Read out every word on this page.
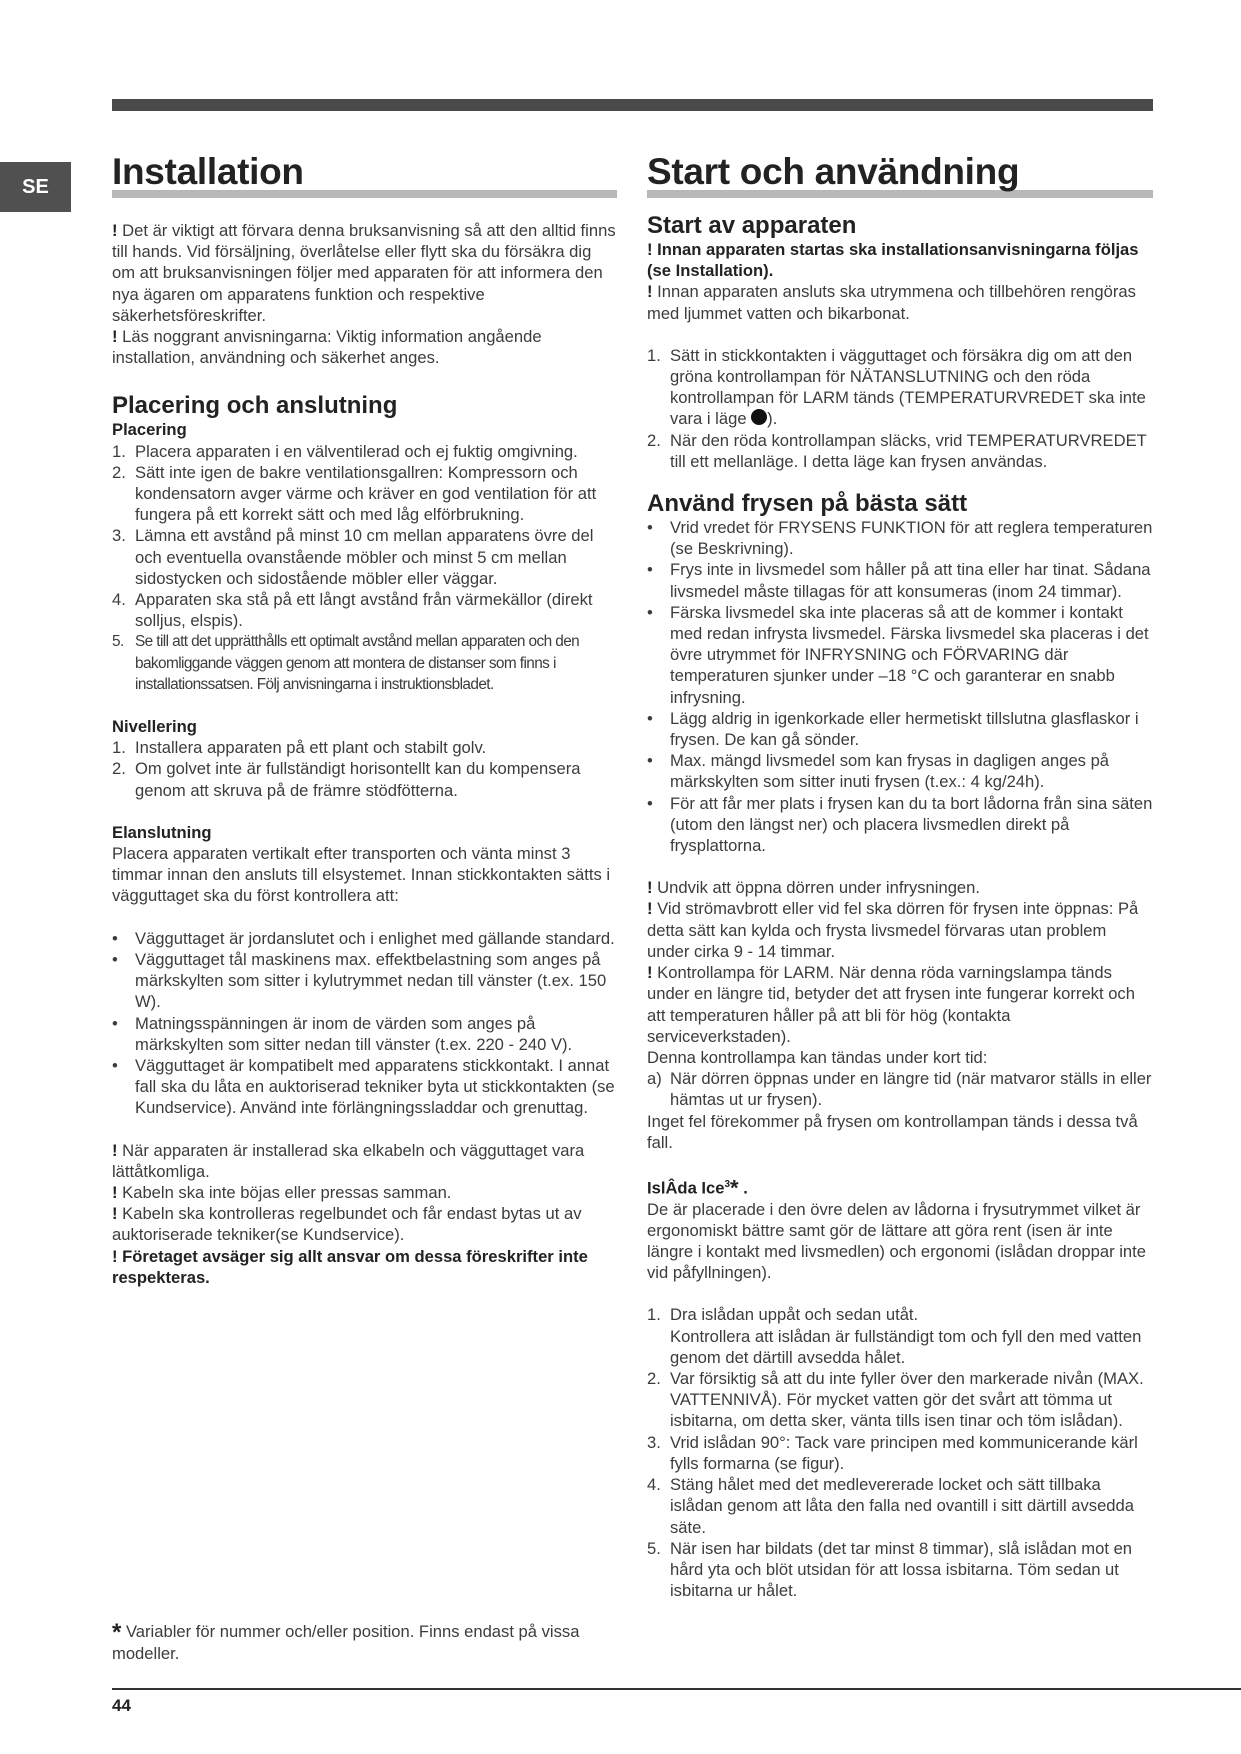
SE	Installation

! Det är viktigt att förvara denna bruksanvisning så att den alltid finns till hands. Vid försäljning, överlåtelse eller flytt ska du försäkra dig om att bruksanvisningen följer med apparaten för att informera den nya ägaren om apparatens funktion och respektive säkerhetsföreskrifter.

! Läs noggrant anvisningarna: Viktig information angående installation, användning och säkerhet anges.

Placering och anslutning
Placering
1. Placera apparaten i en välventilerad och ej fuktig omgivning.
2. Sätt inte igen de bakre ventilationsgallren: Kompressorn och kondensatorn avger värme och kräver en god ventilation för att fungera på ett korrekt sätt och med låg elförbrukning.
3. Lämna ett avstånd på minst 10 cm mellan apparatens övre del och eventuella ovanstående möbler och minst 5 cm mellan sidostycken och sidostående möbler eller väggar.
4. Apparaten ska stå på ett långt avstånd från värmekällor (direkt solljus, elspis).
5. Se till att det upprätthålls ett optimalt avstånd mellan apparaten och den bakomliggande väggen genom att montera de distanser som finns i installationssatsen. Följ anvisningarna i instruktionsbladet.
Nivellering
1. Installera apparaten på ett plant och stabilt golv.
2. Om golvet inte är fullständigt horisontellt kan du kompensera genom att skruva på de främre stödfötterna.
Elanslutning

Placera apparaten vertikalt efter transporten och vänta minst 3 timmar innan den ansluts till elsystemet. Innan stickkontakten sätts i vägguttaget ska du först kontrollera att:

• Vägguttaget är jordanslutet och i enlighet med gällande standard.
• Vägguttaget tål maskinens max. effektbelastning som anges på märkskylten som sitter i kylutrymmet nedan till vänster (t.ex. 150 W).
• Matningsspänningen är inom de värden som anges på märkskylten som sitter nedan till vänster (t.ex. 220 - 240 V).
• Vägguttaget är kompatibelt med apparatens stickkontakt. I annat fall ska du låta en auktoriserad tekniker byta ut stickkontakten (se Kundservice). Använd inte förlängningssladdar och grenuttag.

! När apparaten är installerad ska elkabeln och vägguttaget vara lättåtkomliga.

! Kabeln ska inte böjas eller pressas samman.

! Kabeln ska kontrolleras regelbundet och får endast bytas ut av auktoriserade tekniker(se Kundservice).

! Företaget avsäger sig allt ansvar om dessa föreskrifter inte respekteras.

Start och användning
Start av apparaten

! Innan apparaten startas ska installationsanvisningarna följas (se Installation).

! Innan apparaten ansluts ska utrymmena och tillbehören rengöras med ljummet vatten och bikarbonat.

1. Sätt in stickkontakten i vägguttaget och försäkra dig om att den gröna kontrollampan för NÄTANSLUTNING och den röda kontrollampan för LARM tänds (TEMPERATURVREDET ska inte vara i läge ).
2. När den röda kontrollampan släcks, vrid TEMPERATURVREDET till ett mellanläge. I detta läge kan frysen användas.
Använd frysen på bästa sätt
• Vrid vredet för FRYSENS FUNKTION för att reglera temperaturen (se Beskrivning).
• Frys inte in livsmedel som håller på att tina eller har tinat. Sådana livsmedel måste tillagas för att konsumeras (inom 24 timmar).
• Färska livsmedel ska inte placeras så att de kommer i kontakt med redan infrysta livsmedel. Färska livsmedel ska placeras i det övre utrymmet för INFRYSNING och FÖRVARING där temperaturen sjunker under –18 °C och garanterar en snabb infrysning.
• Lägg aldrig in igenkorkade eller hermetiskt tillslutna glasflaskor i frysen. De kan gå sönder.
• Max. mängd livsmedel som kan frysas in dagligen anges på märkskylten som sitter inuti frysen (t.ex.: 4 kg/24h).
• För att får mer plats i frysen kan du ta bort lådorna från sina säten (utom den längst ner) och placera livsmedlen direkt på frysplattorna.

! Undvik att öppna dörren under infrysningen.

! Vid strömavbrott eller vid fel ska dörren för frysen inte öppnas: På detta sätt kan kylda och frysta livsmedel förvaras utan problem under cirka 9 - 14 timmar.

! Kontrollampa för LARM. När denna röda varningslampa tänds under en längre tid, betyder det att frysen inte fungerar korrekt och att temperaturen håller på att bli för hög (kontakta serviceverkstaden).

Denna kontrollampa kan tändas under kort tid:

a) När dörren öppnas under en längre tid (när matvaror ställs in eller hämtas ut ur frysen).

Inget fel förekommer på frysen om kontrollampan tänds i dessa två fall.

IslÂda Ice$^3$* .

De är placerade i den övre delen av lådorna i frysutrymmet vilket är ergonomiskt bättre samt gör de lättare att göra rent (isen är inte längre i kontakt med livsmedlen) och ergonomi (islådan droppar inte vid påfyllningen).

1. Dra islådan uppåt och sedan utåt.
Kontrollera att islådan är fullständigt tom och fyll den med vatten genom det därtill avsedda hålet.
2. Var försiktig så att du inte fyller över den markerade nivån (MAX. VATTENNIVÅ). För mycket vatten gör det svårt att tömma ut isbitarna, om detta sker, vänta tills isen tinar och töm islådan).
3. Vrid islådan 90°: Tack vare principen med kommunicerande kärl fylls formarna (se figur).
4. Stäng hålet med det medlevererade locket och sätt tillbaka islådan genom att låta den falla ned ovantill i sitt därtill avsedda säte.
5. När isen har bildats (det tar minst 8 timmar), slå islådan mot en hård yta och blöt utsidan för att lossa isbitarna. Töm sedan ut isbitarna ur hålet.
* Variabler för nummer och/eller position. Finns endast på vissa modeller.
44
